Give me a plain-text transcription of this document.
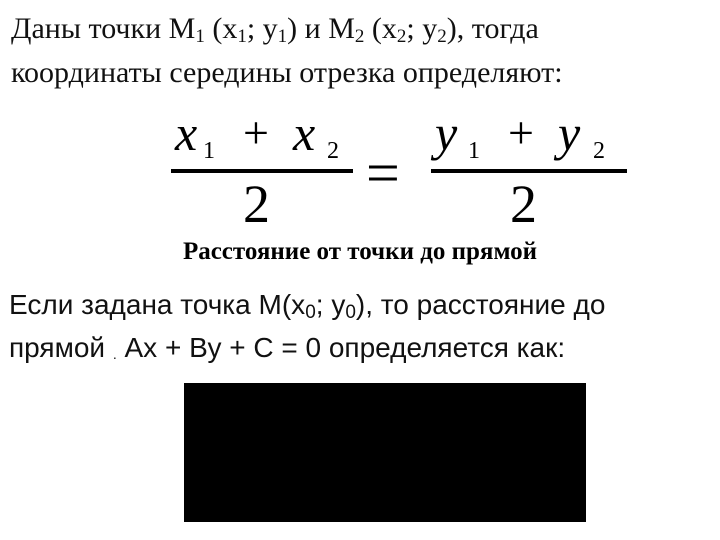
Даны точки $М_1$ ($х_1$; $у_1$) и $М_2$ ($х_2$; $у_2$), тогда
координаты середины отрезка определяют:
x 1 + x 2
2 =
y 1 + y 2
2
Расстояние от точки до прямой
Если задана точка $М(х_0$; $у_0$), то расстояние до
прямой . Ах + Ву + С = 0 определяется как:
